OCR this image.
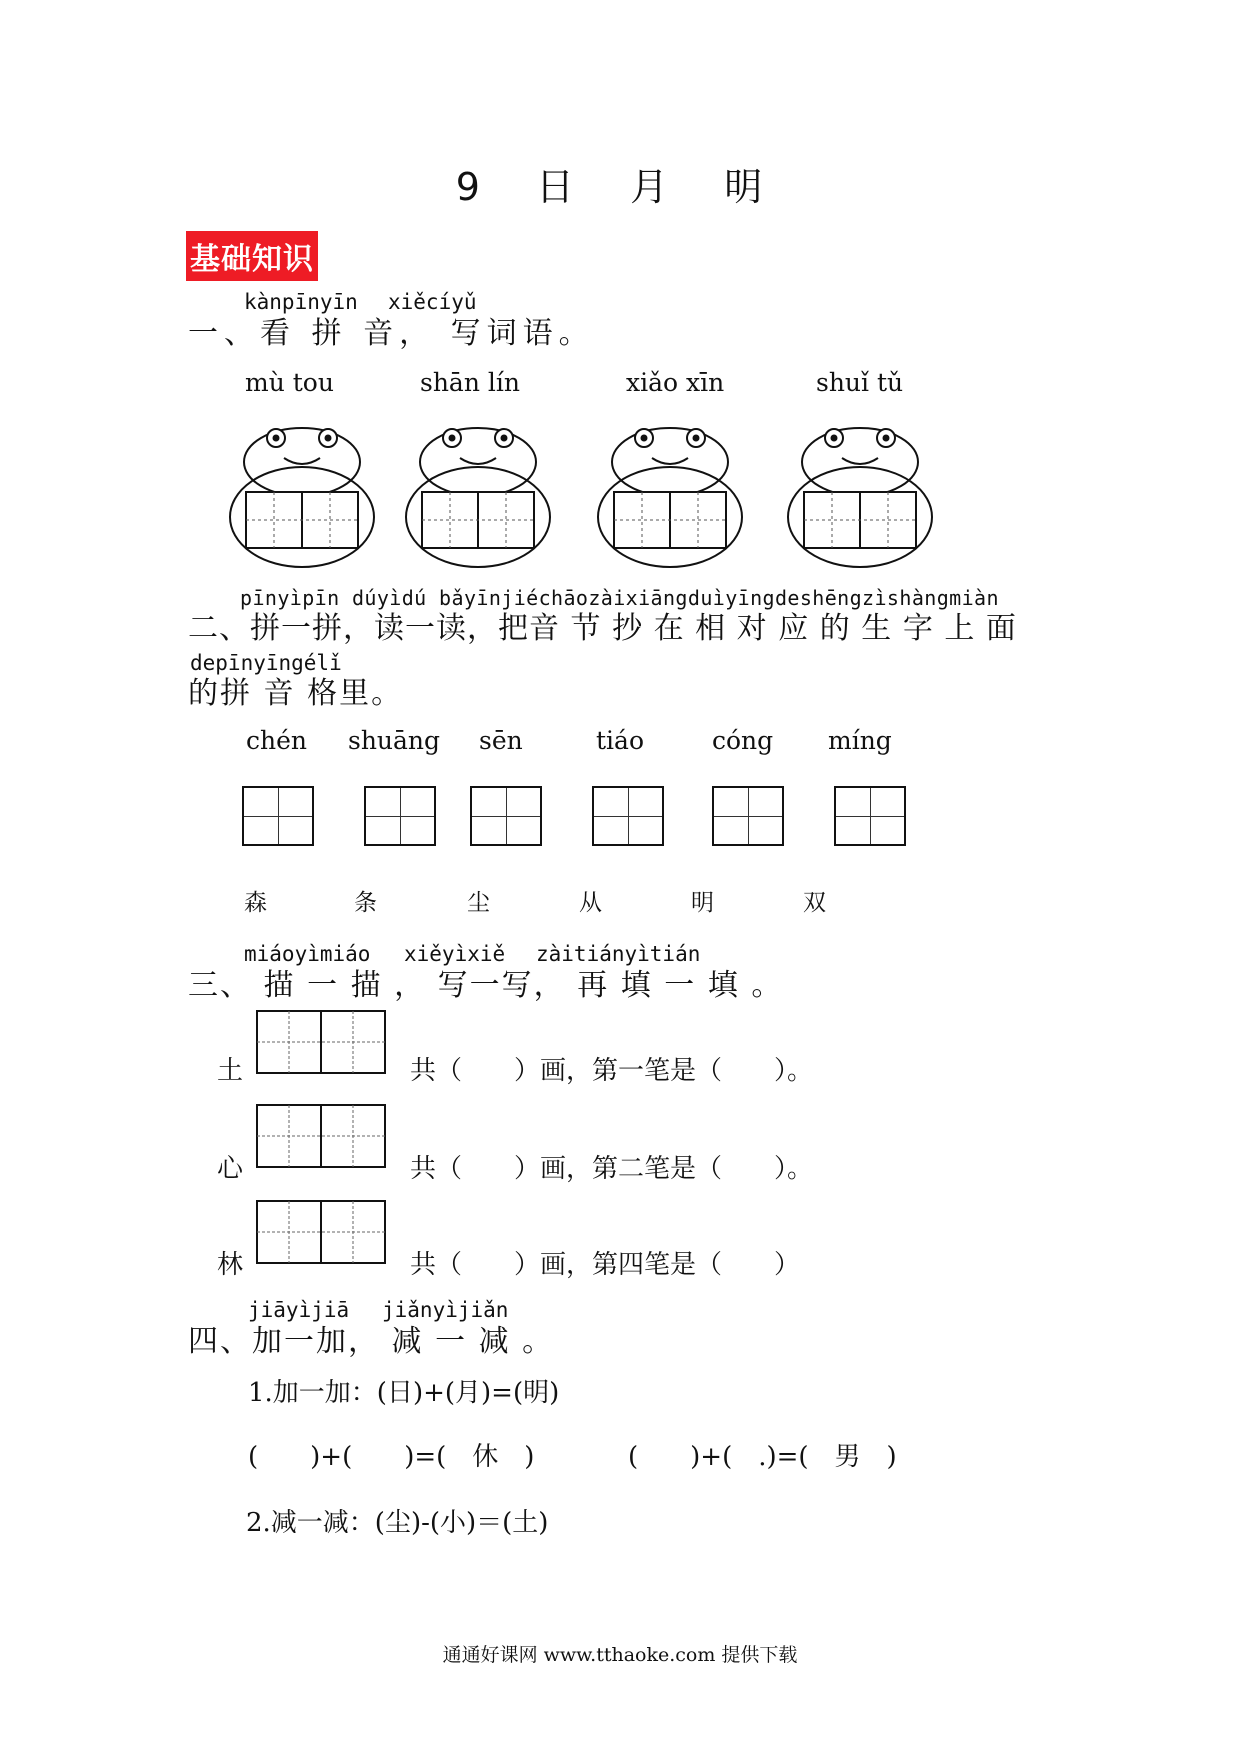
9 日 月 明
基础知识
kànpīnyīn xiěcíyǔ
一、看 拼 音， 写词语。
mù tou	shān lín	xiǎo xīn	shuǐ tǔ
pīnyìpīn dúyìdú bǎyīnjiéchāozàixiāngduìyīngdeshēngzìshàngmiàn
二、拼一拼，读一读，把音 节 抄 在 相 对 应 的 生 字 上 面
depīnyīngélǐ
的拼 音 格里。
chén shuāng sēn	tiáo	cóng míng
森	条	尘	从	明	双
miáoyìmiáo xiěyìxiě zàitiányìtián
三、 描 一 描 ， 写一写， 再 填 一 填 。
土	共（　　）画，第一笔是（　　）。
心	共（　　）画，第二笔是（　　）。
林	共（　　）画，第四笔是（　　）
jiāyìjiā jiǎnyìjiǎn
四、加一加， 减 一 减 。
1.加一加：(日)+(月)=(明)
(　　)+(　　)=(　休　)	(　　)+(　.)=(　男　)
2.减一减：(尘)-(小)＝(土)
通通好课网 www.tthaoke.com 提供下载
